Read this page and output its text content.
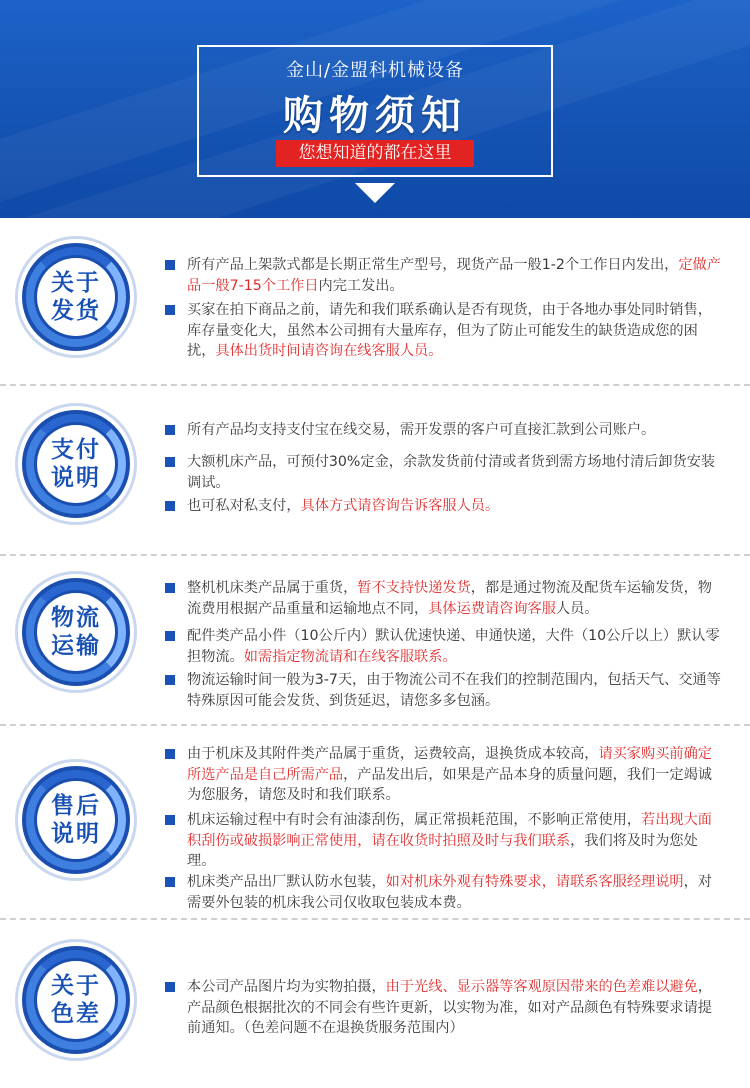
金山/金盟科机械设备
购物须知
您想知道的都在这里
关于
发货
所有产品上架款式都是长期正常生产型号，现货产品一般1-2个工作日内发出，定做产品一般7-15个工作日内完工发出。
买家在拍下商品之前，请先和我们联系确认是否有现货，由于各地办事处同时销售，库存量变化大，虽然本公司拥有大量库存，但为了防止可能发生的缺货造成您的困扰，具体出货时间请咨询在线客服人员。
支付
说明
所有产品均支持支付宝在线交易，需开发票的客户可直接汇款到公司账户。
大额机床产品，可预付30%定金，余款发货前付清或者货到需方场地付清后卸货安装调试。
也可私对私支付，具体方式请咨询告诉客服人员。
物流
运输
整机机床类产品属于重货，暂不支持快递发货，都是通过物流及配货车运输发货，物流费用根据产品重量和运输地点不同，具体运费请咨询客服人员。
配件类产品小件（10公斤内）默认优速快递、申通快递，大件（10公斤以上）默认零担物流。如需指定物流请和在线客服联系。
物流运输时间一般为3-7天，由于物流公司不在我们的控制范围内，包括天气、交通等特殊原因可能会发货、到货延迟，请您多多包涵。
售后
说明
由于机床及其附件类产品属于重货，运费较高，退换货成本较高，请买家购买前确定所选产品是自己所需产品，产品发出后，如果是产品本身的质量问题，我们一定竭诚为您服务，请您及时和我们联系。
机床运输过程中有时会有油漆刮伤，属正常损耗范围，不影响正常使用，若出现大面积刮伤或破损影响正常使用，请在收货时拍照及时与我们联系，我们将及时为您处理。
机床类产品出厂默认防水包装，如对机床外观有特殊要求，请联系客服经理说明，对需要外包装的机床我公司仅收取包装成本费。
关于
色差
本公司产品图片均为实物拍摄，由于光线、显示器等客观原因带来的色差难以避免，产品颜色根据批次的不同会有些许更新，以实物为准，如对产品颜色有特殊要求请提前通知。（色差问题不在退换货服务范围内）
